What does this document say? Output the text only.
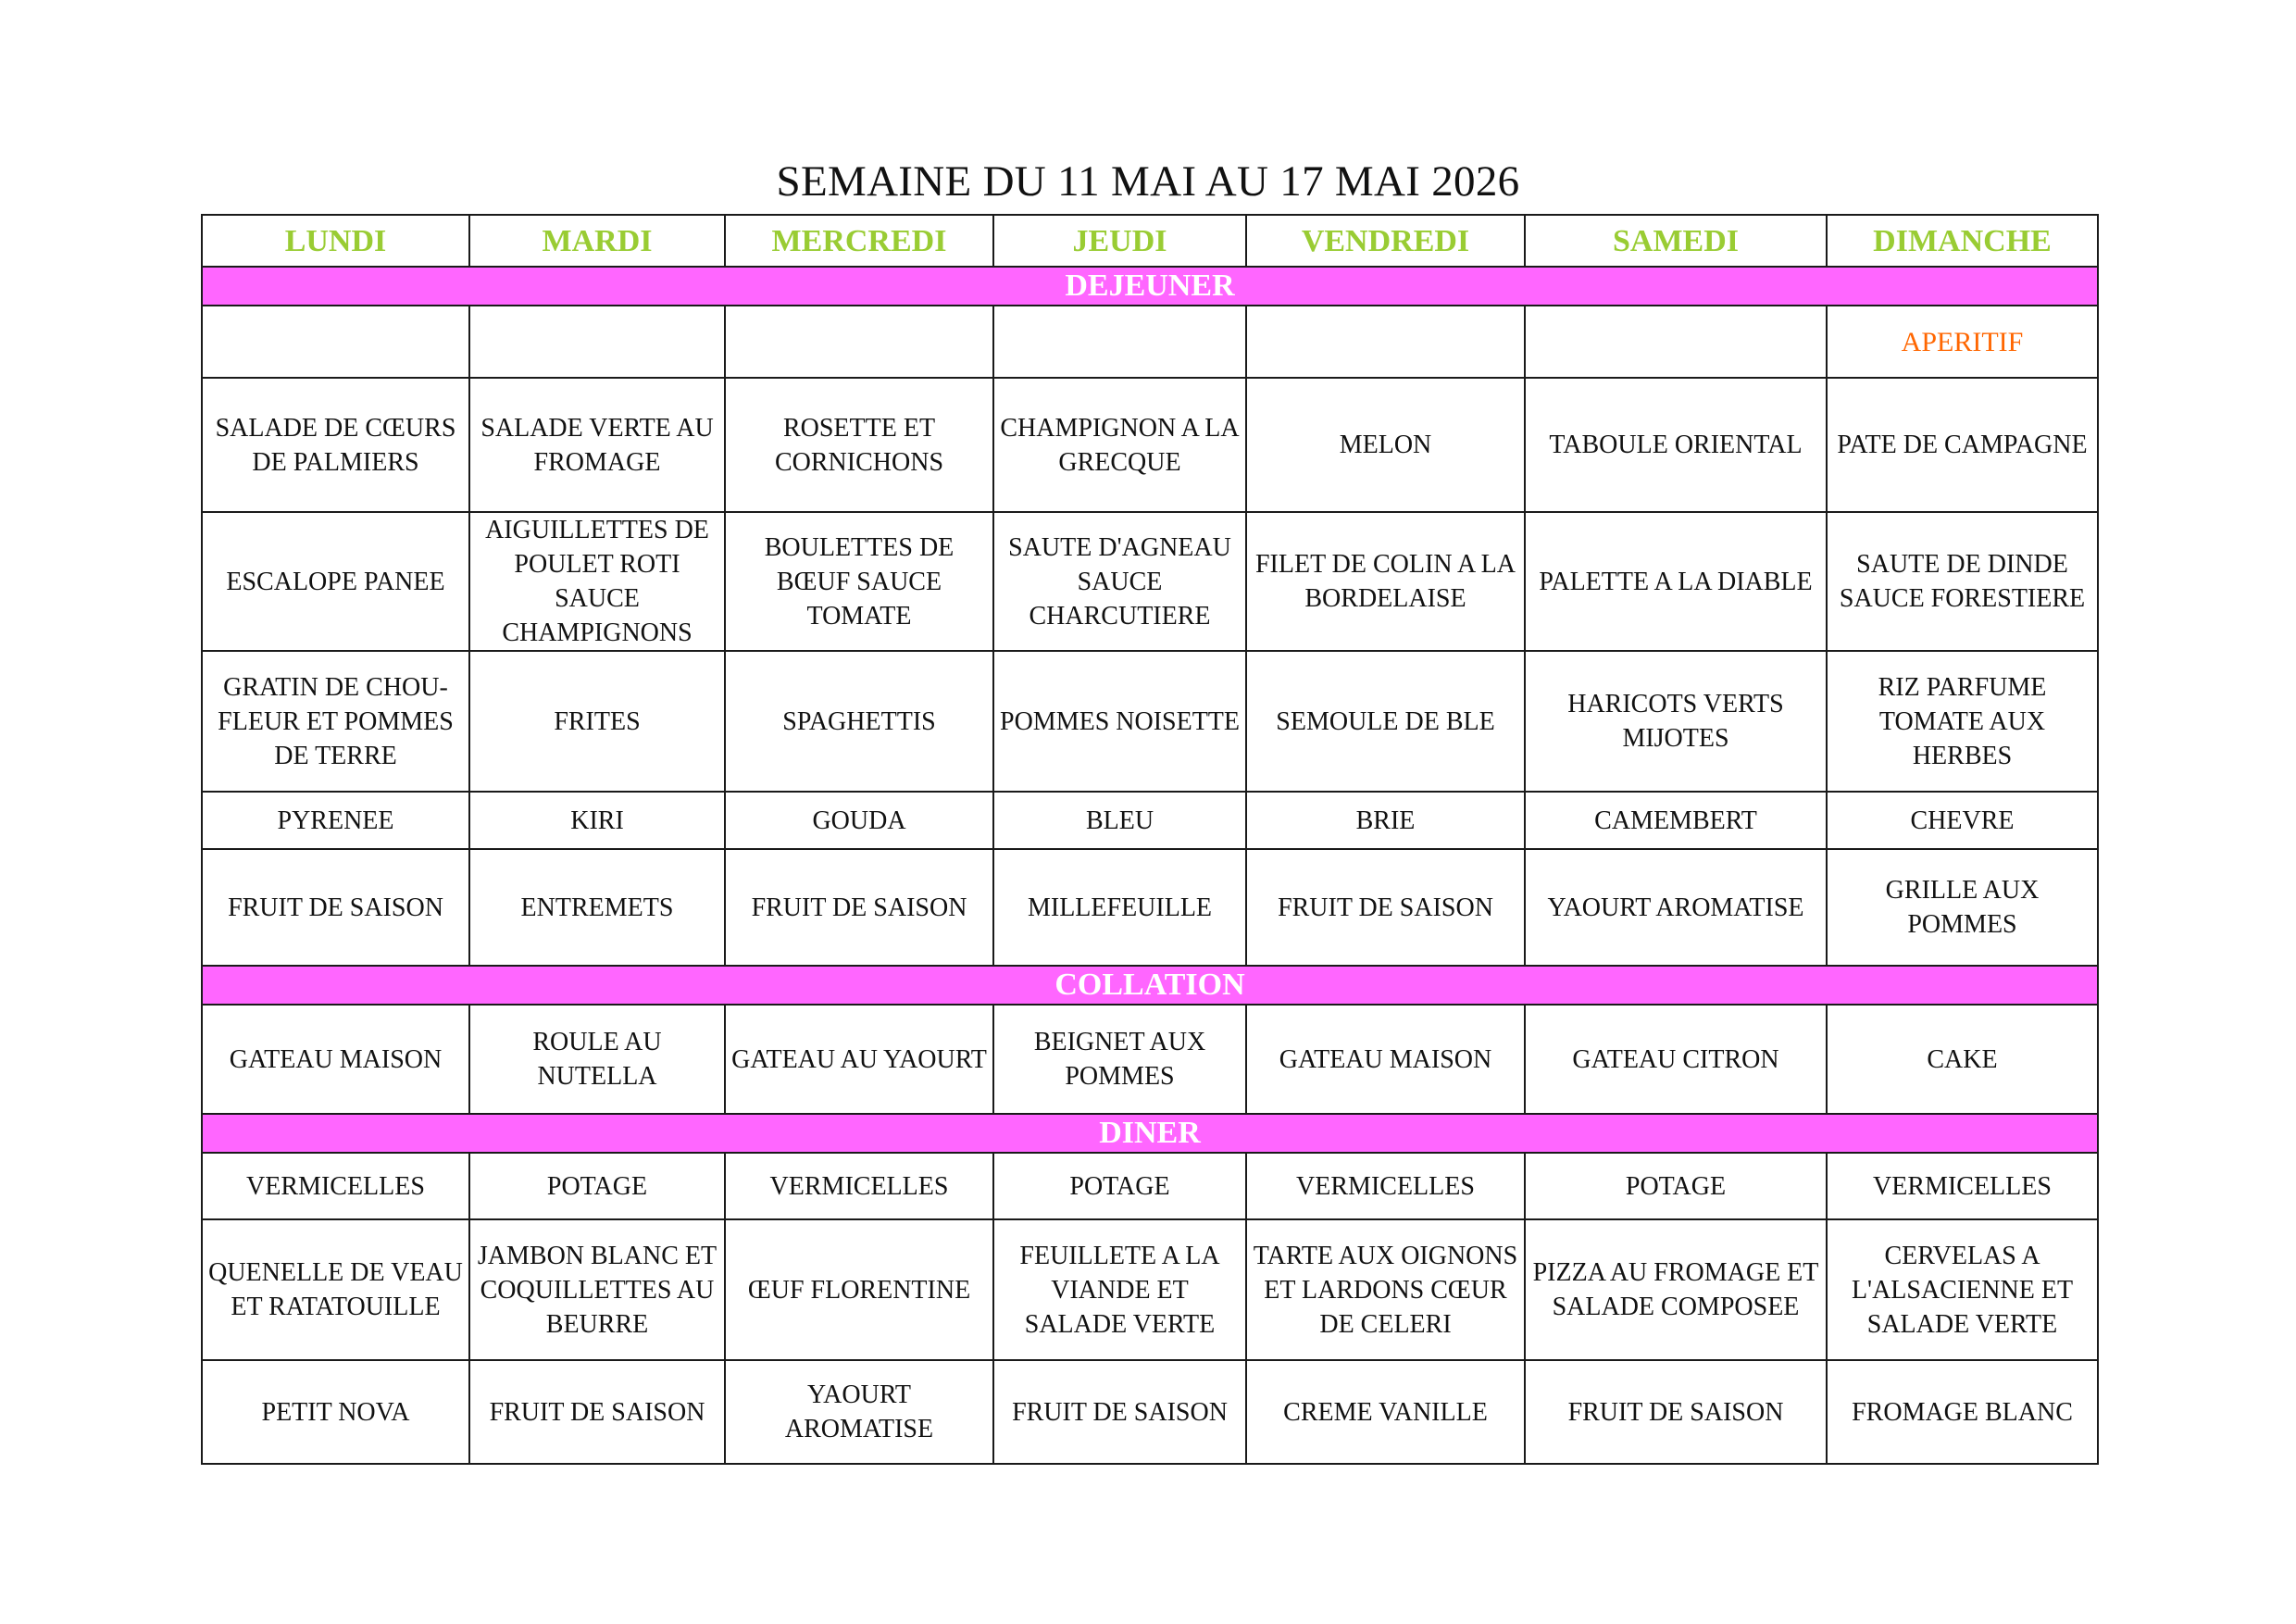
SEMAINE DU 11 MAI AU 17 MAI 2026
LUNDI	MARDI	MERCREDI	JEUDI	VENDREDI	SAMEDI	DIMANCHE
DEJEUNER						
						APERITIF
SALADE DE CŒURS DE PALMIERS	SALADE VERTE AU FROMAGE	ROSETTE ET CORNICHONS	CHAMPIGNON A LA GRECQUE	MELON	TABOULE ORIENTAL	PATE DE CAMPAGNE
ESCALOPE PANEE	AIGUILLETTES DE POULET ROTI SAUCE CHAMPIGNONS	BOULETTES DE BŒUF SAUCE TOMATE	SAUTE D'AGNEAU SAUCE CHARCUTIERE	FILET DE COLIN A LA BORDELAISE	PALETTE A LA DIABLE	SAUTE DE DINDE SAUCE FORESTIERE
GRATIN DE CHOU-FLEUR ET POMMES DE TERRE	FRITES	SPAGHETTIS	POMMES NOISETTE	SEMOULE DE BLE	HARICOTS VERTS MIJOTES	RIZ PARFUME TOMATE AUX HERBES
PYRENEE	KIRI	GOUDA	BLEU	BRIE	CAMEMBERT	CHEVRE
FRUIT DE SAISON	ENTREMETS	FRUIT DE SAISON	MILLEFEUILLE	FRUIT DE SAISON	YAOURT AROMATISE	GRILLE AUX POMMES
COLLATION						
GATEAU MAISON	ROULE AU NUTELLA	GATEAU AU YAOURT	BEIGNET AUX POMMES	GATEAU MAISON	GATEAU CITRON	CAKE
DINER						
VERMICELLES	POTAGE	VERMICELLES	POTAGE	VERMICELLES	POTAGE	VERMICELLES
QUENELLE DE VEAU ET RATATOUILLE	JAMBON BLANC ET COQUILLETTES AU BEURRE	ŒUF FLORENTINE	FEUILLETE A LA VIANDE ET SALADE VERTE	TARTE AUX OIGNONS ET LARDONS CŒUR DE CELERI	PIZZA AU FROMAGE ET SALADE COMPOSEE	CERVELAS A L'ALSACIENNE ET SALADE VERTE
PETIT NOVA	FRUIT DE SAISON	YAOURT AROMATISE	FRUIT DE SAISON	CREME VANILLE	FRUIT DE SAISON	FROMAGE BLANC
